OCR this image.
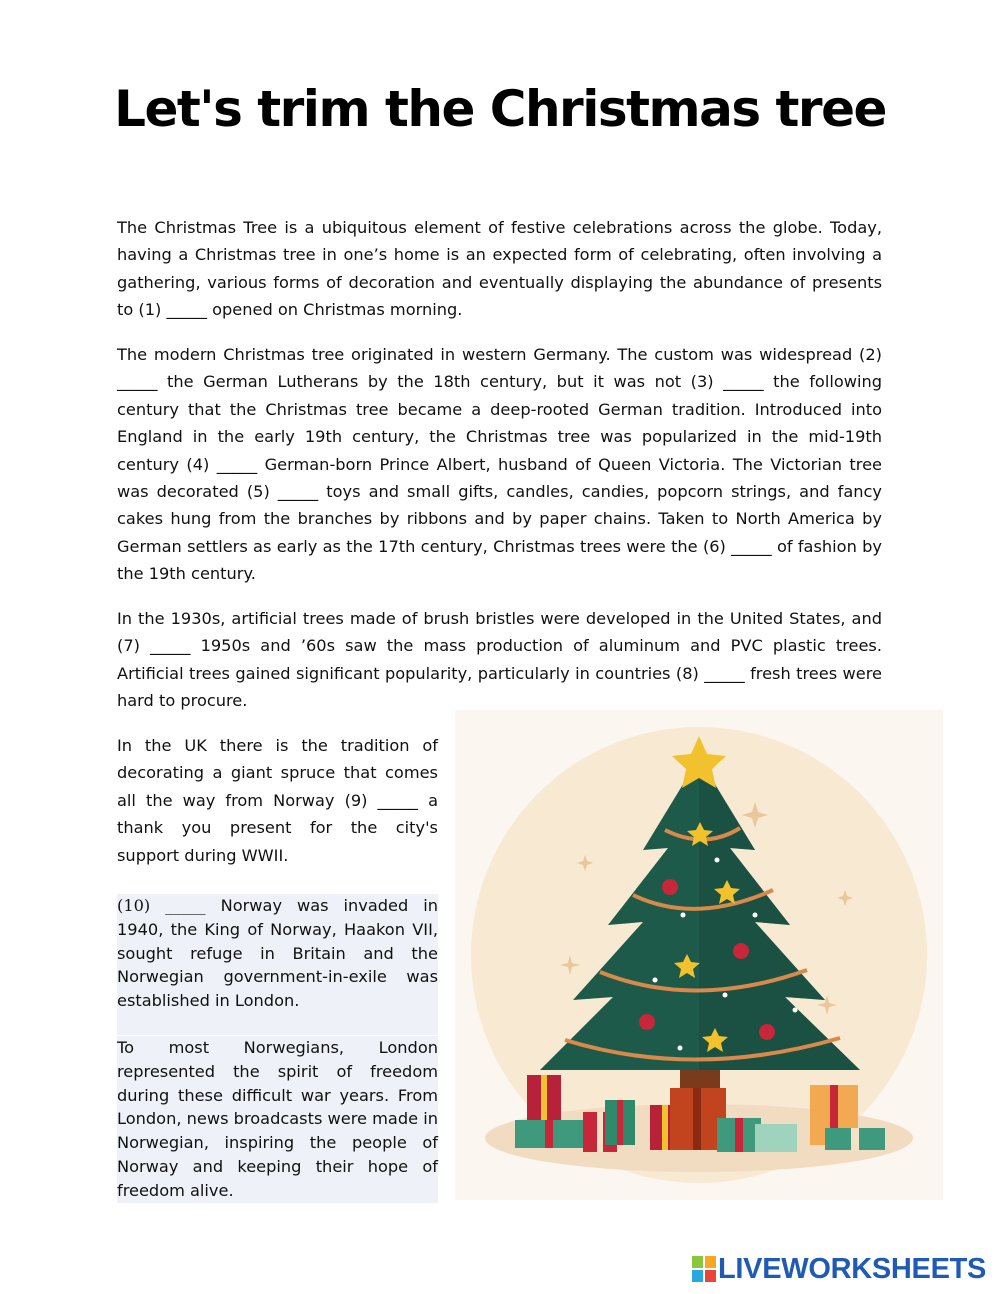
Let's trim the Christmas tree

The Christmas Tree is a ubiquitous element of festive celebrations across the globe. Today, having a Christmas tree in one’s home is an expected form of celebrating, often involving a gathering, various forms of decoration and eventually displaying the abundance of presents to (1) _____ opened on Christmas morning.

The modern Christmas tree originated in western Germany. The custom was widespread (2) _____ the German Lutherans by the 18th century, but it was not (3) _____ the following century that the Christmas tree became a deep-rooted German tradition. Introduced into England in the early 19th century, the Christmas tree was popularized in the mid-19th century (4) _____ German-born Prince Albert, husband of Queen Victoria. The Victorian tree was decorated (5) _____ toys and small gifts, candles, candies, popcorn strings, and fancy cakes hung from the branches by ribbons and by paper chains. Taken to North America by German settlers as early as the 17th century, Christmas trees were the (6) _____ of fashion by the 19th century.

In the 1930s, artificial trees made of brush bristles were developed in the United States, and (7) _____ 1950s and ’60s saw the mass production of aluminum and PVC plastic trees. Artificial trees gained significant popularity, particularly in countries (8) _____ fresh trees were hard to procure.

In the UK there is the tradition of decorating a giant spruce that comes all the way from Norway (9) _____ a thank you present for the city's support during WWII.

(10) _____ Norway was invaded in 1940, the King of Norway, Haakon VII, sought refuge in Britain and the Norwegian government-in-exile was established in London.

To most Norwegians, London represented the spirit of freedom during these difficult war years. From London, news broadcasts were made in Norwegian, inspiring the people of Norway and keeping their hope of freedom alive.

LIVEWORKSHEETS
